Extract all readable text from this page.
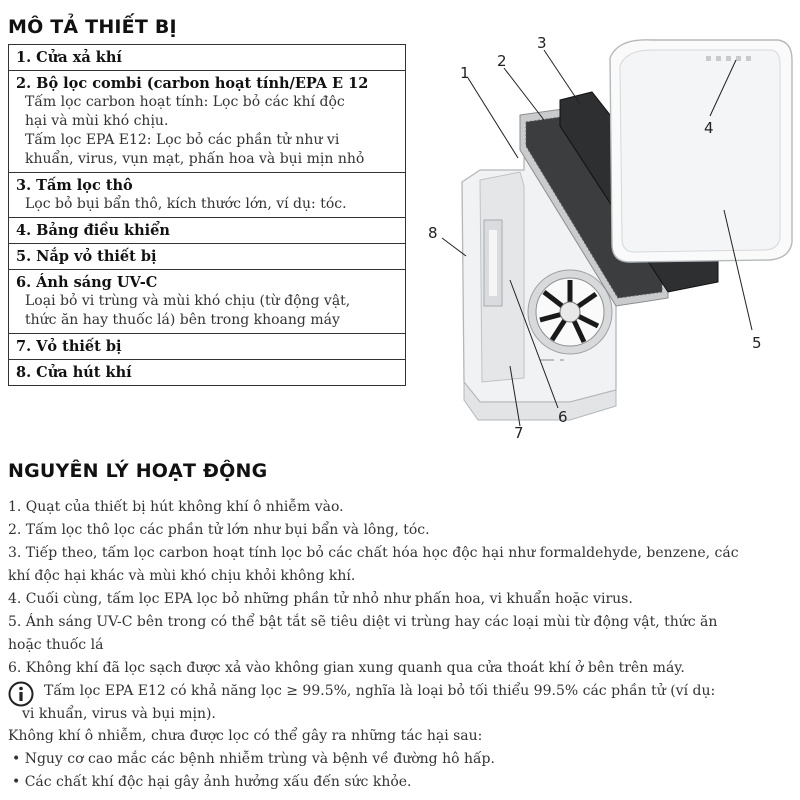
MÔ TẢ THIẾT BỊ
1. Cửa xả khí

2. Bộ lọc combi (carbon hoạt tính/EPA E 12
Tấm lọc carbon hoạt tính: Lọc bỏ các khí độc
hại và mùi khó chịu.
Tấm lọc EPA E12: Lọc bỏ các phần tử như vi
khuẩn, virus, vụn mạt, phấn hoa và bụi mịn nhỏ

3. Tấm lọc thô
Lọc bỏ bụi bẩn thô, kích thước lớn, ví dụ: tóc.

4. Bảng điều khiển

5. Nắp vỏ thiết bị

6. Ánh sáng UV-C
Loại bỏ vi trùng và mùi khó chịu (từ động vật,
thức ăn hay thuốc lá) bên trong khoang máy

7. Vỏ thiết bị

8. Cửa hút khí
1
2
3
4
5
6
7
8
NGUYÊN LÝ HOẠT ĐỘNG
1. Quạt của thiết bị hút không khí ô nhiễm vào.
2. Tấm lọc thô lọc các phần tử lớn như bụi bẩn và lông, tóc.
3. Tiếp theo, tấm lọc carbon hoạt tính lọc bỏ các chất hóa học độc hại như formaldehyde, benzene, các
khí độc hại khác và mùi khó chịu khỏi không khí.
4. Cuối cùng, tấm lọc EPA lọc bỏ những phần tử nhỏ như phấn hoa, vi khuẩn hoặc virus.
5. Ánh sáng UV-C bên trong có thể bật tắt sẽ tiêu diệt vi trùng hay các loại mùi từ động vật, thức ăn
hoặc thuốc lá
6. Không khí đã lọc sạch được xả vào không gian xung quanh qua cửa thoát khí ở bên trên máy.
Tấm lọc EPA E12 có khả năng lọc ≥ 99.5%, nghĩa là loại bỏ tối thiểu 99.5% các phần tử (ví dụ:
vi khuẩn, virus và bụi mịn).
Không khí ô nhiễm, chưa được lọc có thể gây ra những tác hại sau:
• Nguy cơ cao mắc các bệnh nhiễm trùng và bệnh về đường hô hấp.
• Các chất khí độc hại gây ảnh hưởng xấu đến sức khỏe.
